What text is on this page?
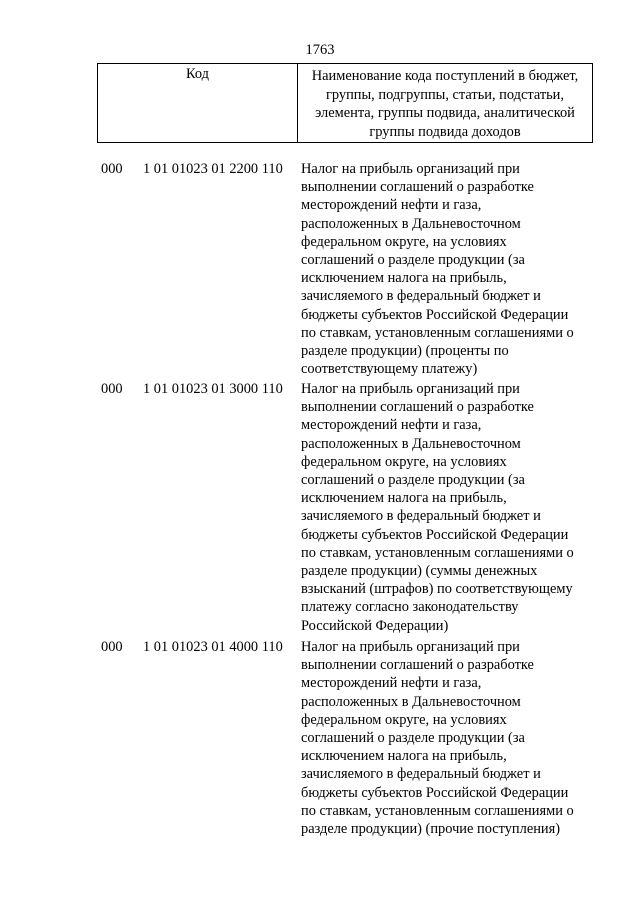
1763
Код	Наименование кода поступлений в бюджет, группы, подгруппы, статьи, подстатьи, элемента, группы подвида, аналитической группы подвида доходов
000 1 01 01023 01 2200 110 Налог на прибыль организаций при
выполнении соглашений о разработке
месторождений нефти и газа,
расположенных в Дальневосточном
федеральном округе, на условиях
соглашений о разделе продукции (за
исключением налога на прибыль,
зачисляемого в федеральный бюджет и
бюджеты субъектов Российской Федерации
по ставкам, установленным соглашениями о
разделе продукции) (проценты по
соответствующему платежу)
000 1 01 01023 01 3000 110 Налог на прибыль организаций при
выполнении соглашений о разработке
месторождений нефти и газа,
расположенных в Дальневосточном
федеральном округе, на условиях
соглашений о разделе продукции (за
исключением налога на прибыль,
зачисляемого в федеральный бюджет и
бюджеты субъектов Российской Федерации
по ставкам, установленным соглашениями о
разделе продукции) (суммы денежных
взысканий (штрафов) по соответствующему
платежу согласно законодательству
Российской Федерации)
000 1 01 01023 01 4000 110 Налог на прибыль организаций при
выполнении соглашений о разработке
месторождений нефти и газа,
расположенных в Дальневосточном
федеральном округе, на условиях
соглашений о разделе продукции (за
исключением налога на прибыль,
зачисляемого в федеральный бюджет и
бюджеты субъектов Российской Федерации
по ставкам, установленным соглашениями о
разделе продукции) (прочие поступления)
